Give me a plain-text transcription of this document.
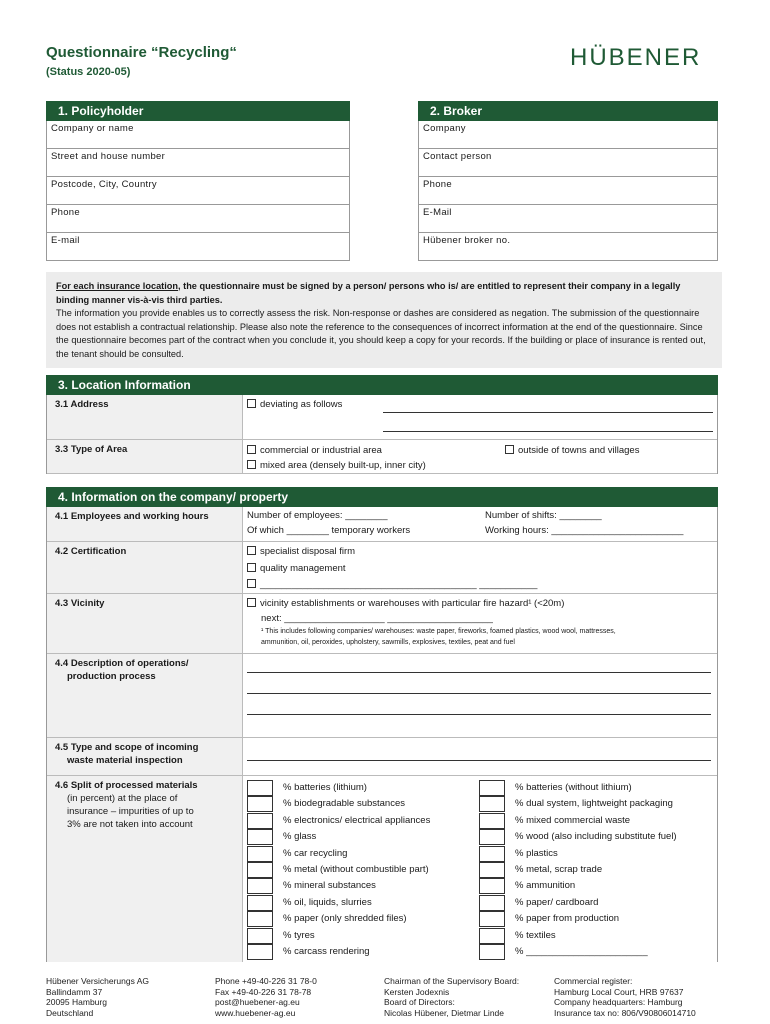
Questionnaire “Recycling“
(Status 2020-05)
HÜBENER
1. Policyholder
Company or name
Street and house number
Postcode, City, Country
Phone
E-mail
2. Broker
Company
Contact person
Phone
E-Mail
Hübener broker no.
For each insurance location, the questionnaire must be signed by a person/ persons who is/ are entitled to represent their company in a legally binding manner vis-à-vis third parties.
The information you provide enables us to correctly assess the risk. Non-response or dashes are considered as negation. The submission of the questionnaire does not establish a contractual relationship. Please also note the reference to the consequences of incorrect information at the end of the questionnaire. Since the questionnaire becomes part of the contract when you conclude it, you should keep a copy for your records. If the building or place of insurance is rented out, the tenant should be consulted.
3. Location Information
3.1 Address	deviating as follows
3.3 Type of Area	commercial or industrial area	outside of towns and villages
mixed area (densely built-up, inner city)
4. Information on the company/ property
4.1 Employees and working hours	Number of employees: ________
Of which ________ temporary workers
Number of shifts: ________
Working hours: _________________________
4.2 Certification	specialist disposal firm
quality management
_________________________________________ ___________
4.3 Vicinity	vicinity establishments or warehouses with particular fire hazard¹ (<20m)
next: ___________________ ____________________
¹ This includes following companies/ warehouses: waste paper, fireworks, foamed plastics, wood wool, mattresses,
ammunition, oil, peroxides, upholstery, sawmills, explosives, textiles, peat and fuel
4.4 Description of operations/
production process
4.5 Type and scope of incoming
waste material inspection
4.6 Split of processed materials
(in percent) at the place of
insurance – impurities of up to
3% are not taken into account
% batteries (lithium)
% biodegradable substances
% electronics/ electrical appliances
% glass
% car recycling
% metal (without combustible part)
% mineral substances
% oil, liquids, slurries
% paper (only shredded files)
% tyres
% carcass rendering
% batteries (without lithium)
% dual system, lightweight packaging
% mixed commercial waste
% wood (also including substitute fuel)
% plastics
% metal, scrap trade
% ammunition
% paper/ cardboard
% paper from production
% textiles
% _______________________
Hübener Versicherungs AG
Ballindamm 37
20095 Hamburg
Deutschland
Phone +49-40-226 31 78-0
Fax +49-40-226 31 78-78
post@huebener-ag.eu
www.huebener-ag.eu
Chairman of the Supervisory Board:
Kersten Jodexnis
Board of Directors:
Nicolas Hübener, Dietmar Linde
Commercial register:
Hamburg Local Court, HRB 97637
Company headquarters: Hamburg
Insurance tax no: 806/V90806014710
